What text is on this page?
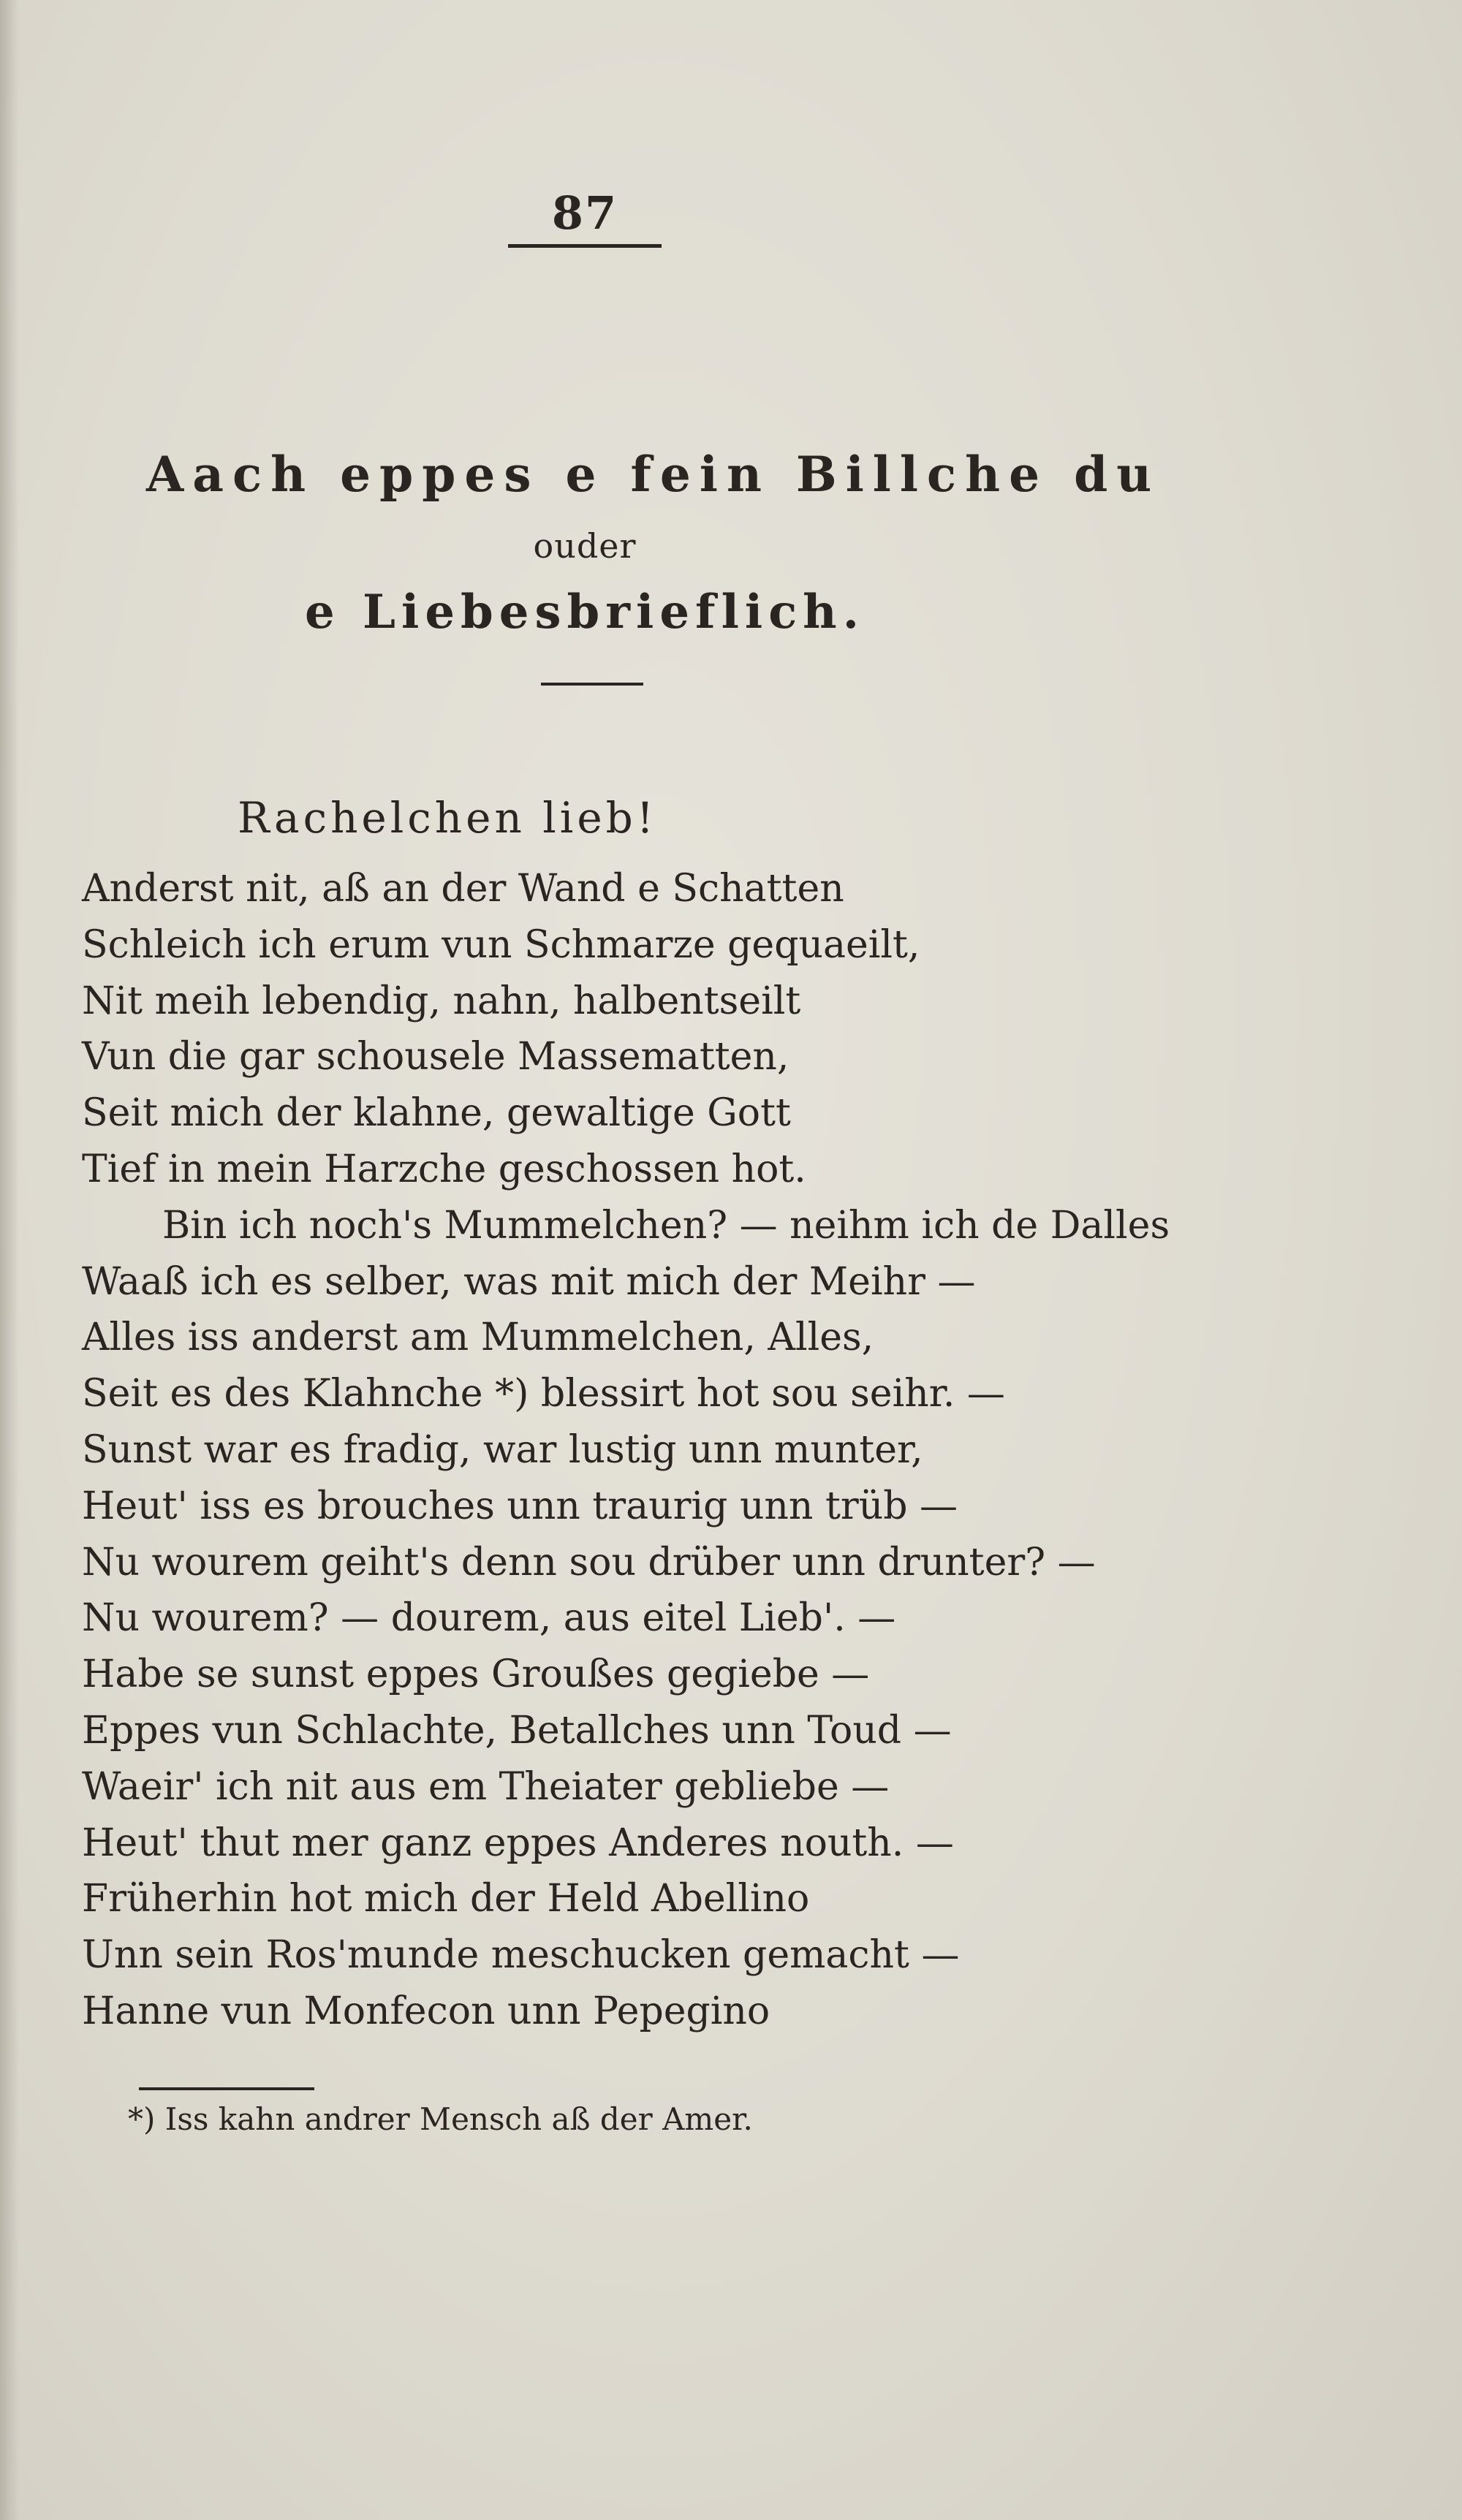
87
Aach eppes e fein Billche du
ouder
e Liebesbrieflich.
Rachelchen lieb!
Anderst nit, aß an der Wand e Schatten
Schleich ich erum vun Schmarze gequaeilt,
Nit meih lebendig, nahn, halbentseilt
Vun die gar schousele Massematten,
Seit mich der klahne, gewaltige Gott
Tief in mein Harzche geschossen hot.
Bin ich noch's Mummelchen? — neihm ich de Dalles
Waaß ich es selber, was mit mich der Meihr —
Alles iss anderst am Mummelchen, Alles,
Seit es des Klahnche *) blessirt hot sou seihr. —
Sunst war es fradig, war lustig unn munter,
Heut' iss es brouches unn traurig unn trüb —
Nu wourem geiht's denn sou drüber unn drunter? —
Nu wourem? — dourem, aus eitel Lieb'. —
Habe se sunst eppes Groußes gegiebe —
Eppes vun Schlachte, Betallches unn Toud —
Waeir' ich nit aus em Theiater gebliebe —
Heut' thut mer ganz eppes Anderes nouth. —
Früherhin hot mich der Held Abellino
Unn sein Ros'munde meschucken gemacht —
Hanne vun Monfecon unn Pepegino
*) Iss kahn andrer Mensch aß der Amer.
